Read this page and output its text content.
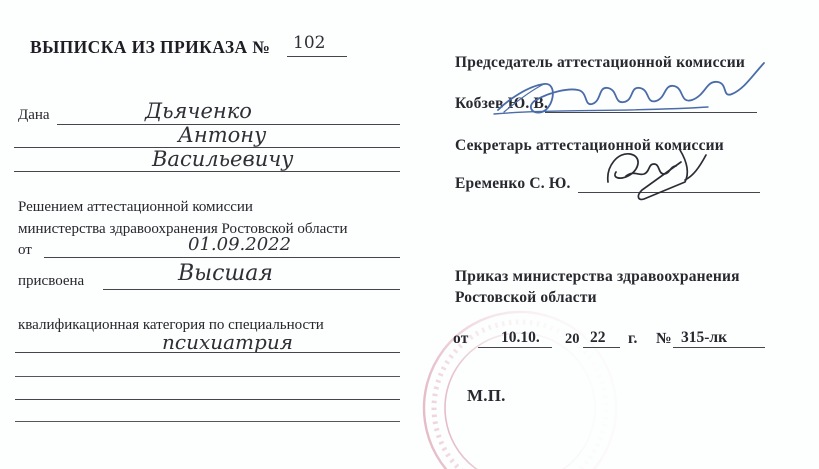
ВЫПИСКА ИЗ ПРИКАЗА № 102
Дана	Дьяченко
Антону
Васильевичу
Решением аттестационной комиссии
министерства здравоохранения Ростовской области
от	01.09.2022
присвоена	Высшая
квалификационная категория по специальности
психиатрия
Председатель аттестационной комиссии
Кобзев Ю. В.
Секретарь аттестационной комиссии
Еременко С. Ю.
Приказ министерства здравоохранения
Ростовской области
от 10.10. 20 22 г. № 315-лк
М.П.
